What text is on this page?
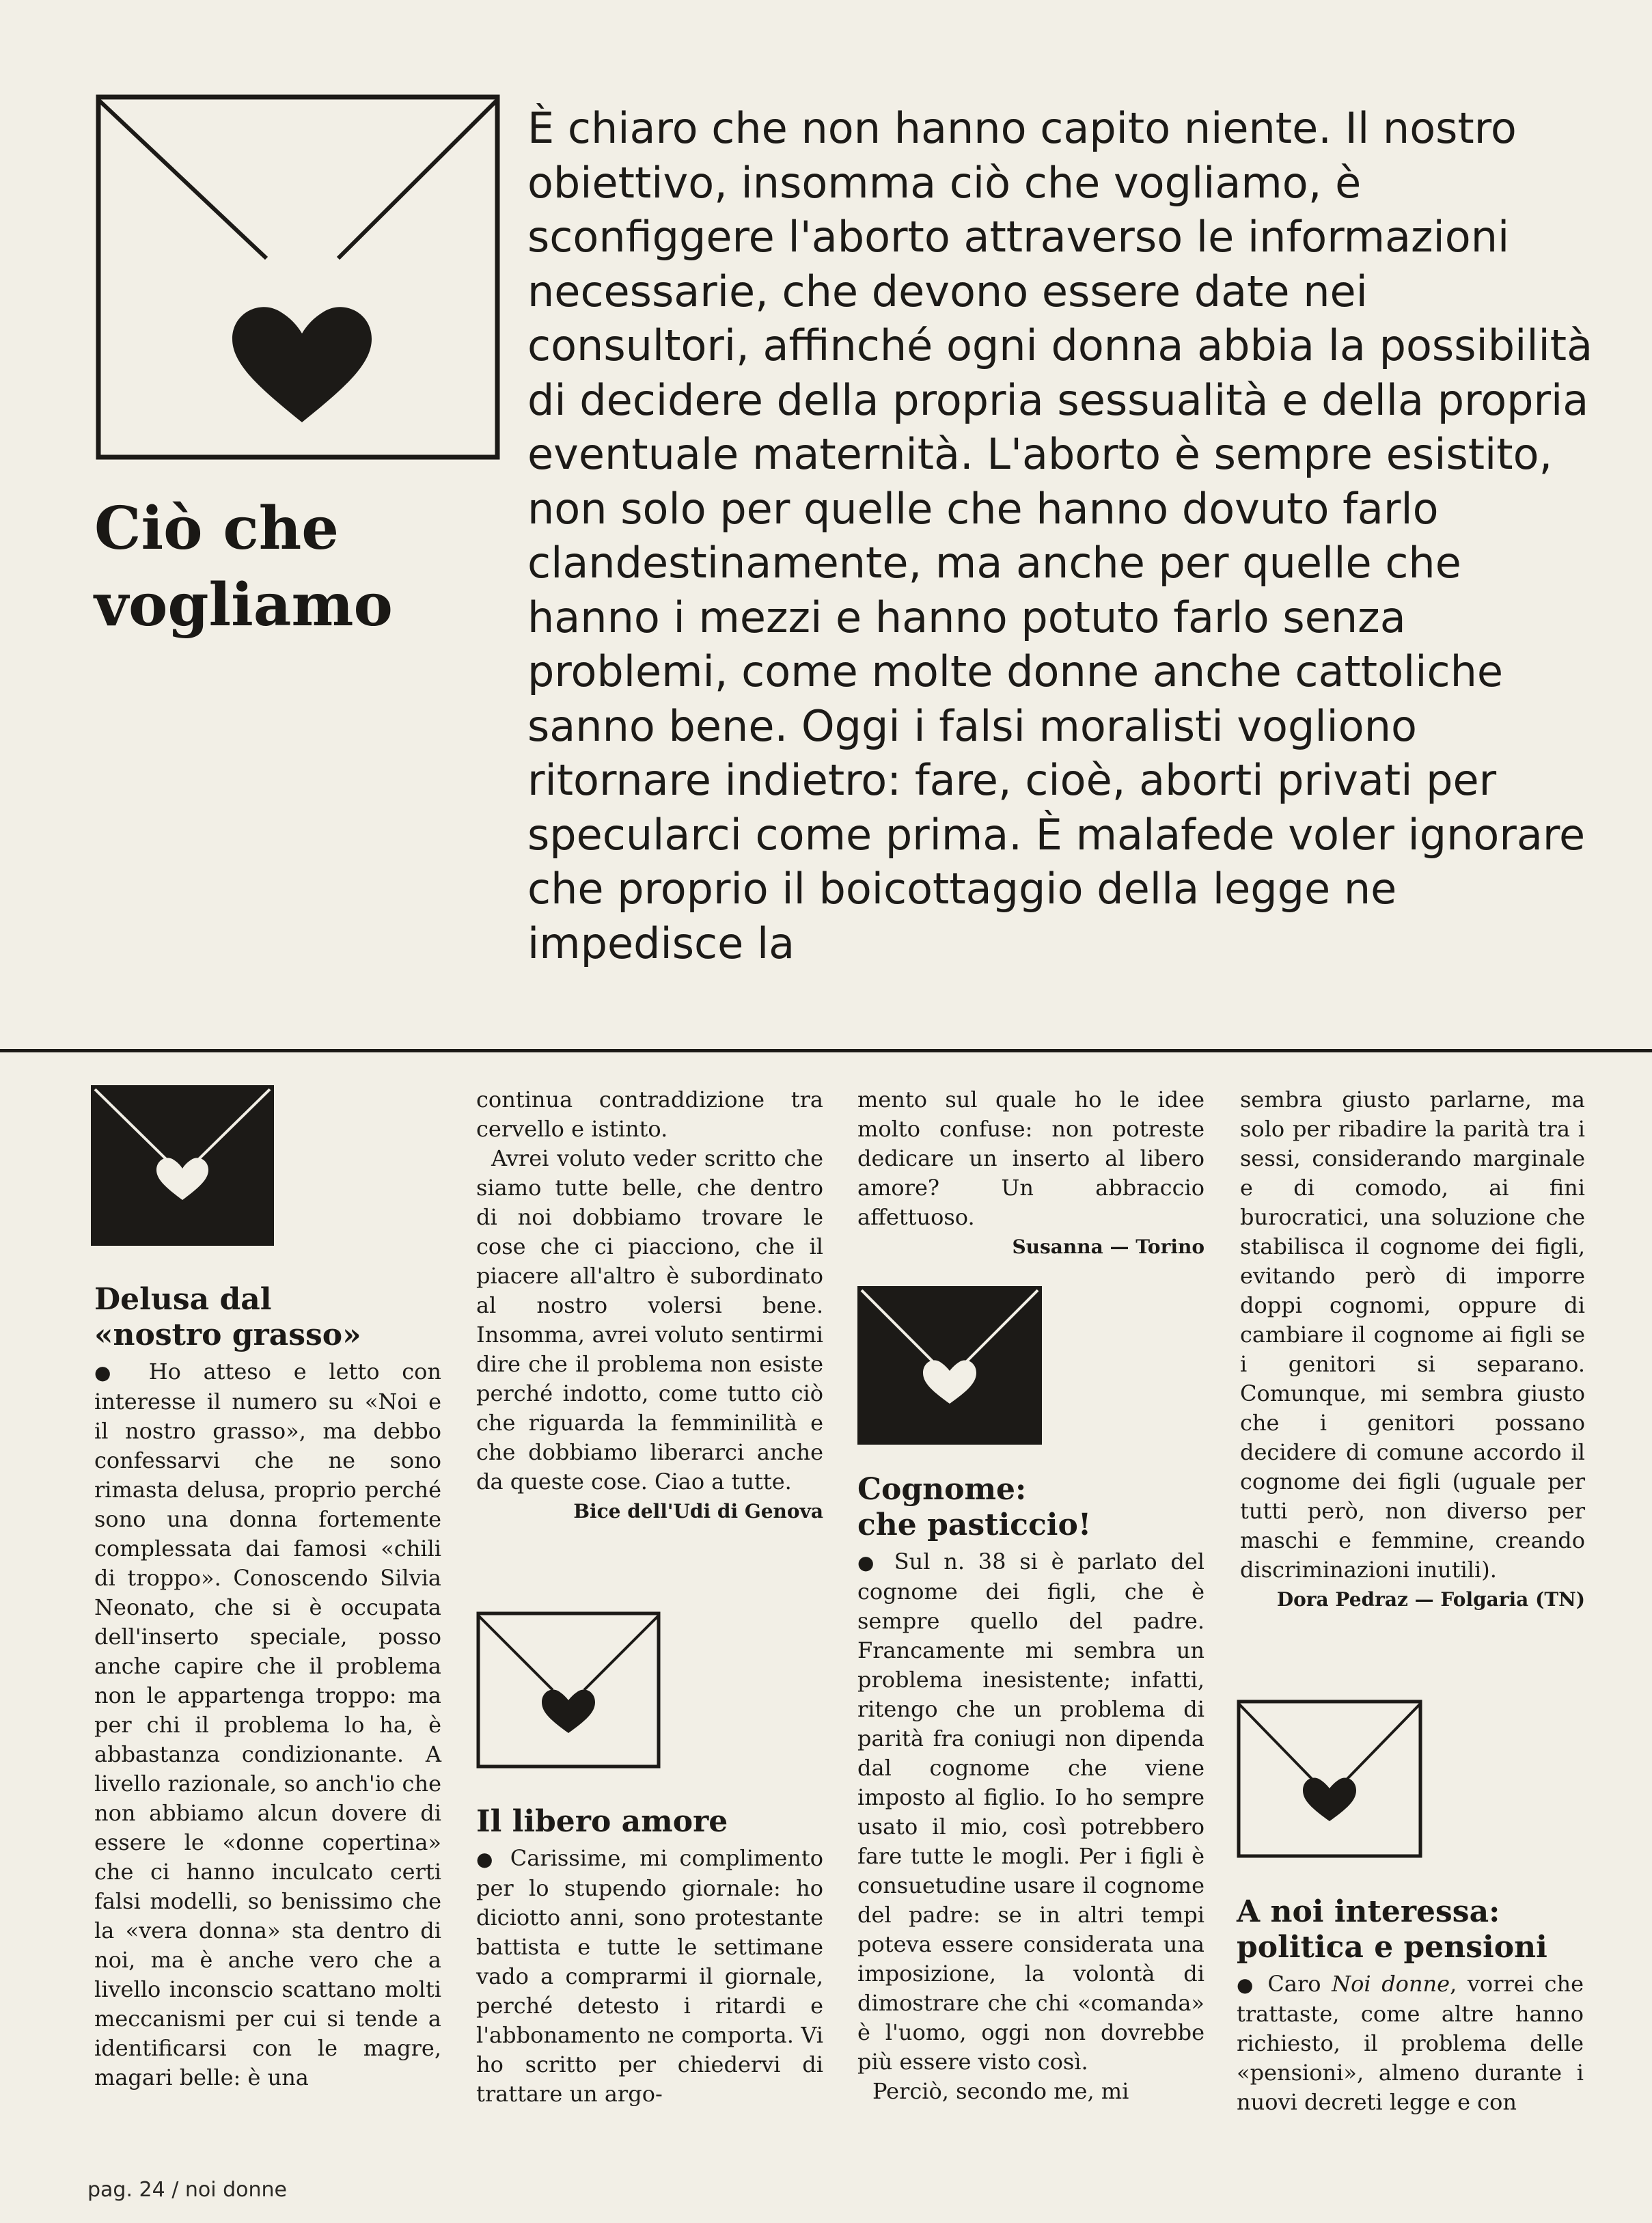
Ciò che
vogliamo

È chiaro che non hanno capito niente. Il nostro obiettivo, insomma ciò che vogliamo, è sconfiggere l'aborto attraverso le informazioni necessarie, che devono essere date nei consultori, affinché ogni donna abbia la possibilità di decidere della propria sessualità e della propria eventuale maternità. L'aborto è sempre esistito, non solo per quelle che hanno dovuto farlo clandestinamente, ma anche per quelle che hanno i mezzi e hanno potuto farlo senza problemi, come molte donne anche cattoliche sanno bene. Oggi i falsi moralisti vogliono ritornare indietro: fare, cioè, aborti privati per specularci come prima. È malafede voler ignorare che proprio il boicottaggio della legge ne impedisce la

Delusa dal
«nostro grasso»

● Ho atteso e letto con interesse il numero su «Noi e il nostro grasso», ma debbo confessarvi che ne sono rimasta delusa, proprio perché sono una donna fortemente complessata dai famosi «chili di troppo». Conoscendo Silvia Neonato, che si è occupata dell'inserto speciale, posso anche capire che il problema non le appartenga troppo: ma per chi il problema lo ha, è abbastanza condizionante. A livello razionale, so anch'io che non abbiamo alcun dovere di essere le «donne copertina» che ci hanno inculcato certi falsi modelli, so benissimo che la «vera donna» sta dentro di noi, ma è anche vero che a livello inconscio scattano molti meccanismi per cui si tende a identificarsi con le magre, magari belle: è una

continua contraddizione tra cervello e istinto.

Avrei voluto veder scritto che siamo tutte belle, che dentro di noi dobbiamo trovare le cose che ci piacciono, che il piacere all'altro è subordinato al nostro volersi bene. Insomma, avrei voluto sentirmi dire che il problema non esiste perché indotto, come tutto ciò che riguarda la femminilità e che dobbiamo liberarci anche da queste cose. Ciao a tutte.

Bice dell'Udi di Genova

Il libero amore

● Carissime, mi complimento per lo stupendo giornale: ho diciotto anni, sono protestante battista e tutte le settimane vado a comprarmi il giornale, perché detesto i ritardi e l'abbonamento ne comporta. Vi ho scritto per chiedervi di trattare un argo-

mento sul quale ho le idee molto confuse: non potreste dedicare un inserto al libero amore? Un abbraccio affettuoso.

Susanna — Torino

Cognome:
che pasticcio!

● Sul n. 38 si è parlato del cognome dei figli, che è sempre quello del padre. Francamente mi sembra un problema inesistente; infatti, ritengo che un problema di parità fra coniugi non dipenda dal cognome che viene imposto al figlio. Io ho sempre usato il mio, così potrebbero fare tutte le mogli. Per i figli è consuetudine usare il cognome del padre: se in altri tempi poteva essere considerata una imposizione, la volontà di dimostrare che chi «comanda» è l'uomo, oggi non dovrebbe più essere visto così.

Perciò, secondo me, mi

sembra giusto parlarne, ma solo per ribadire la parità tra i sessi, considerando marginale e di comodo, ai fini burocratici, una soluzione che stabilisca il cognome dei figli, evitando però di imporre doppi cognomi, oppure di cambiare il cognome ai figli se i genitori si separano. Comunque, mi sembra giusto che i genitori possano decidere di comune accordo il cognome dei figli (uguale per tutti però, non diverso per maschi e femmine, creando discriminazioni inutili).

Dora Pedraz — Folgaria (TN)

A noi interessa:
politica e pensioni

● Caro Noi donne, vorrei che trattaste, come altre hanno richiesto, il problema delle «pensioni», almeno durante i nuovi decreti legge e con

pag. 24 / noi donne
